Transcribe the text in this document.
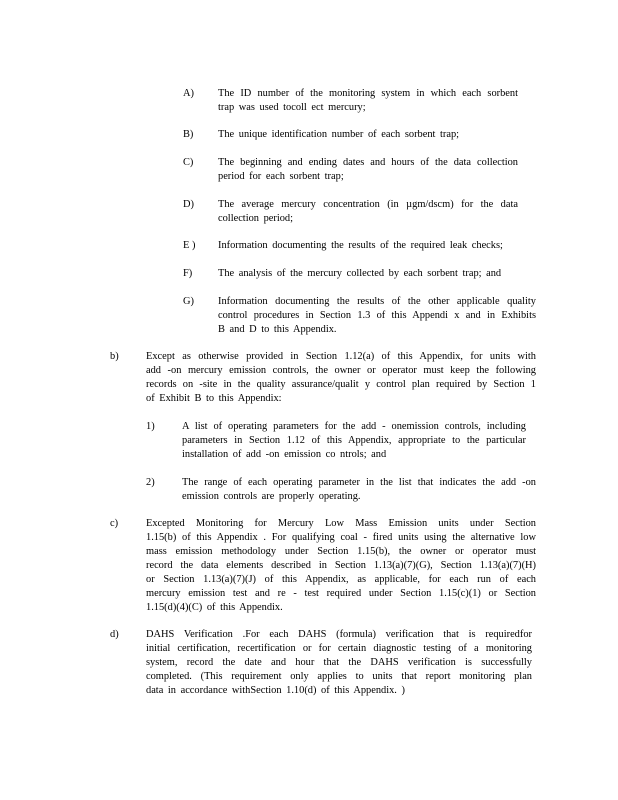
A) The ID number of the monitoring system in which each sorbent
trap was used tocoll ect mercury;
B) The unique identification number of each sorbent trap;
C) The beginning and ending dates and hours of the data collection
period for each sorbent trap;
D) The average mercury concentration (in µgm/dscm) for the data
collection period;
E ) Information documenting the results of the required leak checks;
F) The analysis of the mercury collected by each sorbent trap; and
G) Information documenting the results of the other applicable quality
control procedures in Section 1.3 of this Appendi x and in Exhibits
B and D to this Appendix.
b)	Except as otherwise provided in Section 1.12(a) of this Appendix, for units with
add -on mercury emission controls, the owner or operator must keep the following
records on -site in the quality assurance/qualit y control plan required by Section 1
of Exhibit B to this Appendix:
1)	A list of operating parameters for the add - onemission controls, including
parameters in Section 1.12 of this Appendix, appropriate to the particular
installation of add -on emission co ntrols; and
2)	The range of each operating parameter in the list that indicates the add -on
emission controls are properly operating.
c)	Excepted Monitoring for Mercury Low Mass Emission units under Section
1.15(b) of this Appendix . For qualifying coal - fired units using the alternative low
mass emission methodology under Section 1.15(b), the owner or operator must
record the data elements described in Section 1.13(a)(7)(G), Section 1.13(a)(7)(H)
or Section 1.13(a)(7)(J) of this Appendix, as applicable, for each run of each
mercury emission test and re - test required under Section 1.15(c)(1) or Section
1.15(d)(4)(C) of this Appendix.
d)	DAHS Verification .For each DAHS (formula) verification that is requiredfor
initial certification, recertification or for certain diagnostic testing of a monitoring
system, record the date and hour that the DAHS verification is successfully
completed. (This requirement only applies to units that report monitoring plan
data in accordance withSection 1.10(d) of this Appendix. )
